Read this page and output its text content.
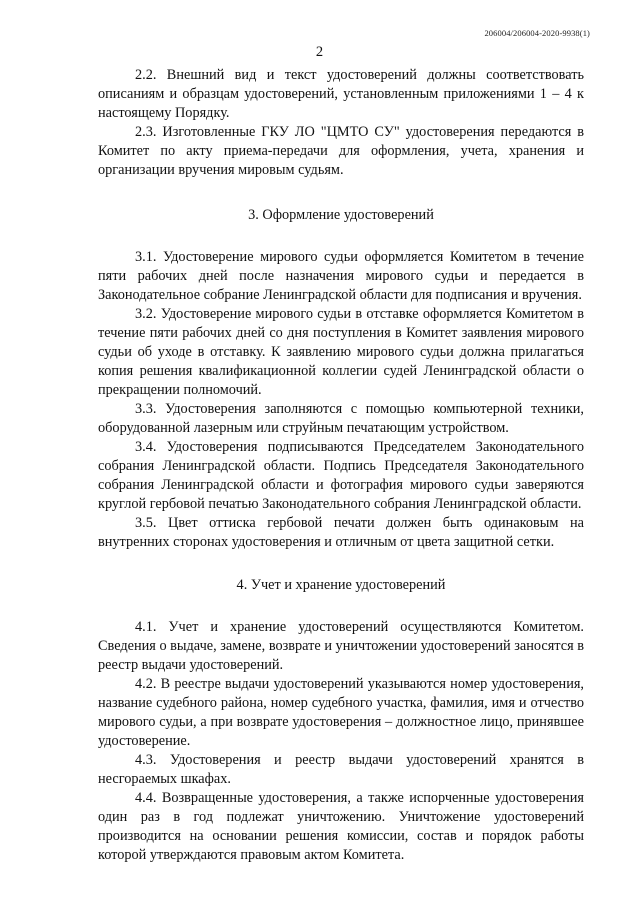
206004/206004-2020-9938(1)
2

2.2. Внешний вид и текст удостоверений должны соответствовать описаниям и образцам удостоверений, установленным приложениями 1 – 4 к настоящему Порядку.

2.3. Изготовленные ГКУ ЛО "ЦМТО СУ" удостоверения передаются в Комитет по акту приема-передачи для оформления, учета, хранения и организации вручения мировым судьям.

3. Оформление удостоверений

3.1. Удостоверение мирового судьи оформляется Комитетом в течение пяти рабочих дней после назначения мирового судьи и передается в Законодательное собрание Ленинградской области для подписания и вручения.

3.2. Удостоверение мирового судьи в отставке оформляется Комитетом в течение пяти рабочих дней со дня поступления в Комитет заявления мирового судьи об уходе в отставку. К заявлению мирового судьи должна прилагаться копия решения квалификационной коллегии судей Ленинградской области о прекращении полномочий.

3.3. Удостоверения заполняются с помощью компьютерной техники, оборудованной лазерным или струйным печатающим устройством.

3.4. Удостоверения подписываются Председателем Законодательного собрания Ленинградской области. Подпись Председателя Законодательного собрания Ленинградской области и фотография мирового судьи заверяются круглой гербовой печатью Законодательного собрания Ленинградской области.

3.5. Цвет оттиска гербовой печати должен быть одинаковым на внутренних сторонах удостоверения и отличным от цвета защитной сетки.

4. Учет и хранение удостоверений

4.1. Учет и хранение удостоверений осуществляются Комитетом. Сведения о выдаче, замене, возврате и уничтожении удостоверений заносятся в реестр выдачи удостоверений.

4.2. В реестре выдачи удостоверений указываются номер удостоверения, название судебного района, номер судебного участка, фамилия, имя и отчество мирового судьи, а при возврате удостоверения – должностное лицо, принявшее удостоверение.

4.3. Удостоверения и реестр выдачи удостоверений хранятся в несгораемых шкафах.

4.4. Возвращенные удостоверения, а также испорченные удостоверения один раз в год подлежат уничтожению. Уничтожение удостоверений производится на основании решения комиссии, состав и порядок работы которой утверждаются правовым актом Комитета.
